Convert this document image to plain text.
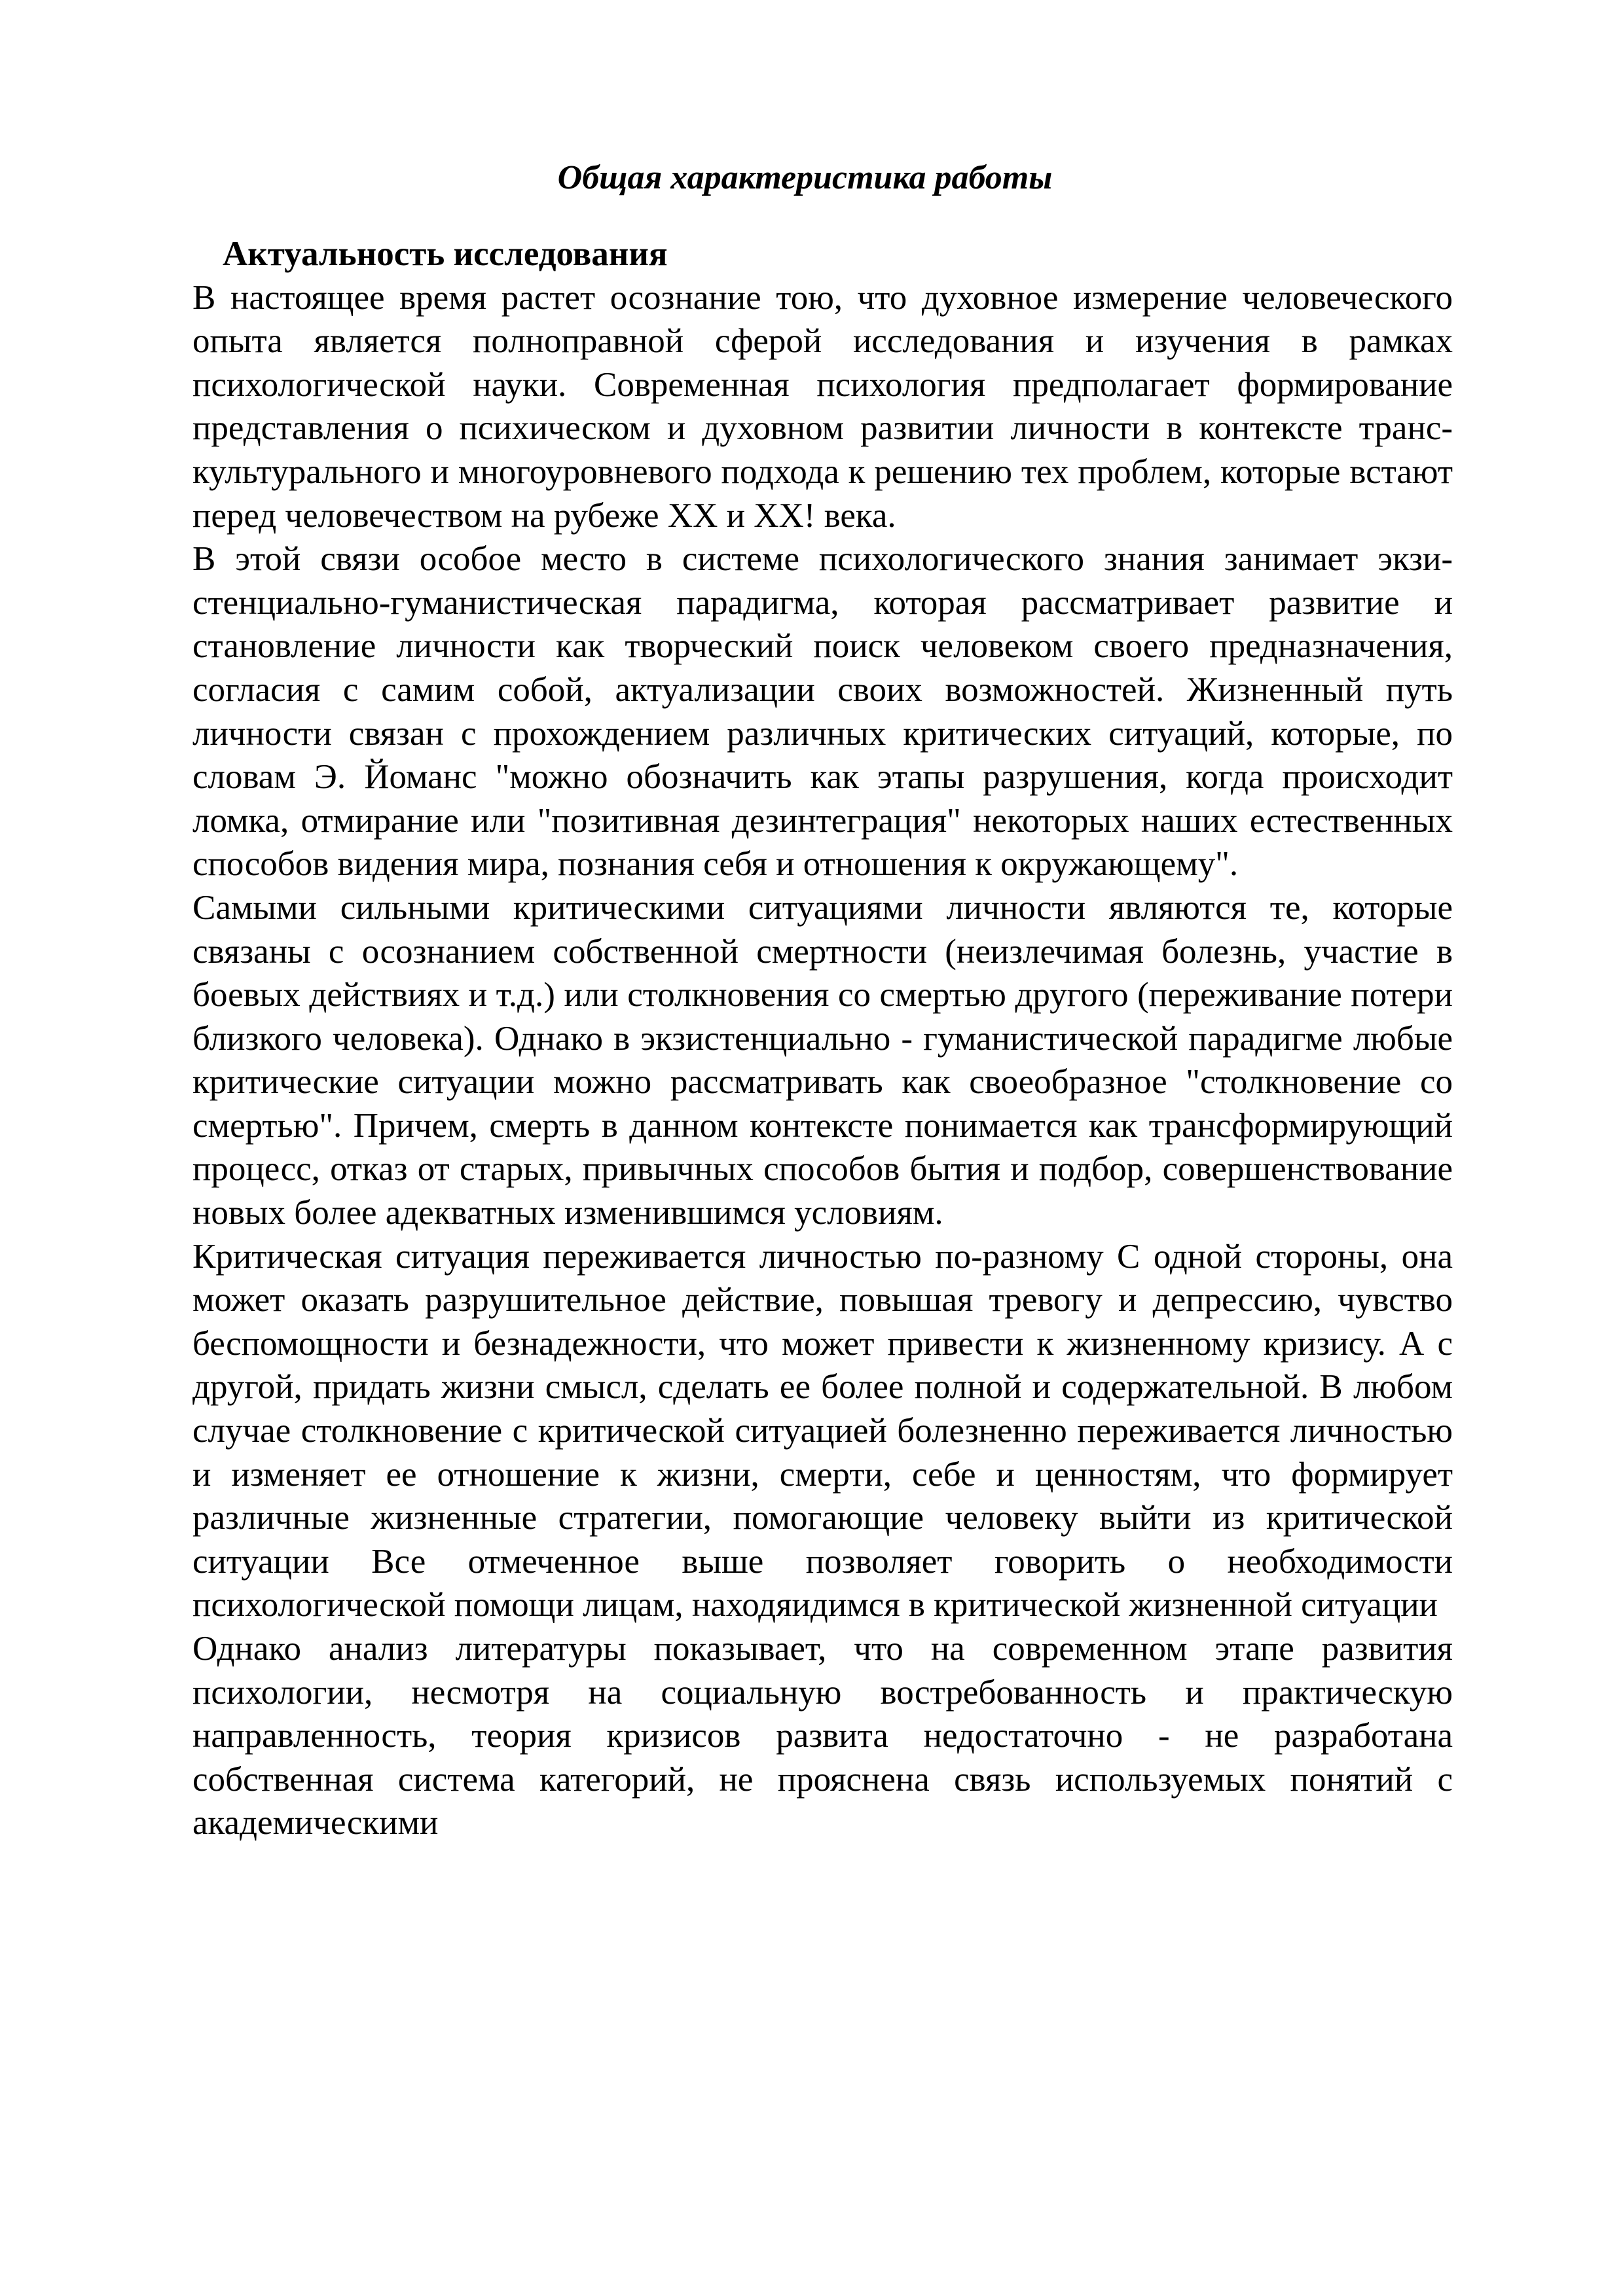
Общая характеристика работы
Актуальность исследования

В настоящее время растет осознание тою, что духовное измерение человеческого опыта является полноправной сферой исследования и изучения в рамках психологической науки. Современная психология предполагает формирование представления о психическом и духовном развитии личности в контексте транс-культурального и многоуровневого подхода к решению тех проблем, которые встают перед человечеством на рубеже XX и XX! века.

В этой связи особое место в системе психологического знания занимает экзистенциально-гуманистическая парадигма, которая рассматривает развитие и становление личности как творческий поиск человеком своего предназначения, согласия с самим собой, актуализации своих возможностей. Жизненный путь личности связан с прохождением различных критических ситуаций, которые, по словам Э. Йоманс "можно обозначить как этапы разрушения, когда происходит ломка, отмирание или "позитивная дезинтеграция" некоторых наших естественных способов видения мира, познания себя и отношения к окружающему".

Самыми сильными критическими ситуациями личности являются те, которые связаны с осознанием собственной смертности (неизлечимая болезнь, участие в боевых действиях и т.д.) или столкновения со смертью другого (переживание потери близкого человека). Однако в экзистенциально - гуманистической парадигме любые критические ситуации можно рассматривать как своеобразное "столкновение со смертью". Причем, смерть в данном контексте понимается как трансформирующий процесс, отказ от старых, привычных способов бытия и подбор, совершенствование новых более адекватных изменившимся условиям.

Критическая ситуация переживается личностью по-разному С одной стороны, она может оказать разрушительное действие, повышая тревогу и депрессию, чувство беспомощности и безнадежности, что может привести к жизненному кризису. А с другой, придать жизни смысл, сделать ее более полной и содержательной. В любом случае столкновение с критической ситуацией болезненно переживается личностью и изменяет ее отношение к жизни, смерти, себе и ценностям, что формирует различные жизненные стратегии, помогающие человеку выйти из критической ситуации Все отмеченное выше позволяет говорить о необходимости психологической помощи лицам, находяидимся в критической жизненной ситуации

Однако анализ литературы показывает, что на современном этапе развития психологии, несмотря на социальную востребованность и практическую направленность, теория кризисов развита недостаточно - не разработана собственная система категорий, не прояснена связь используемых понятий с академическими
